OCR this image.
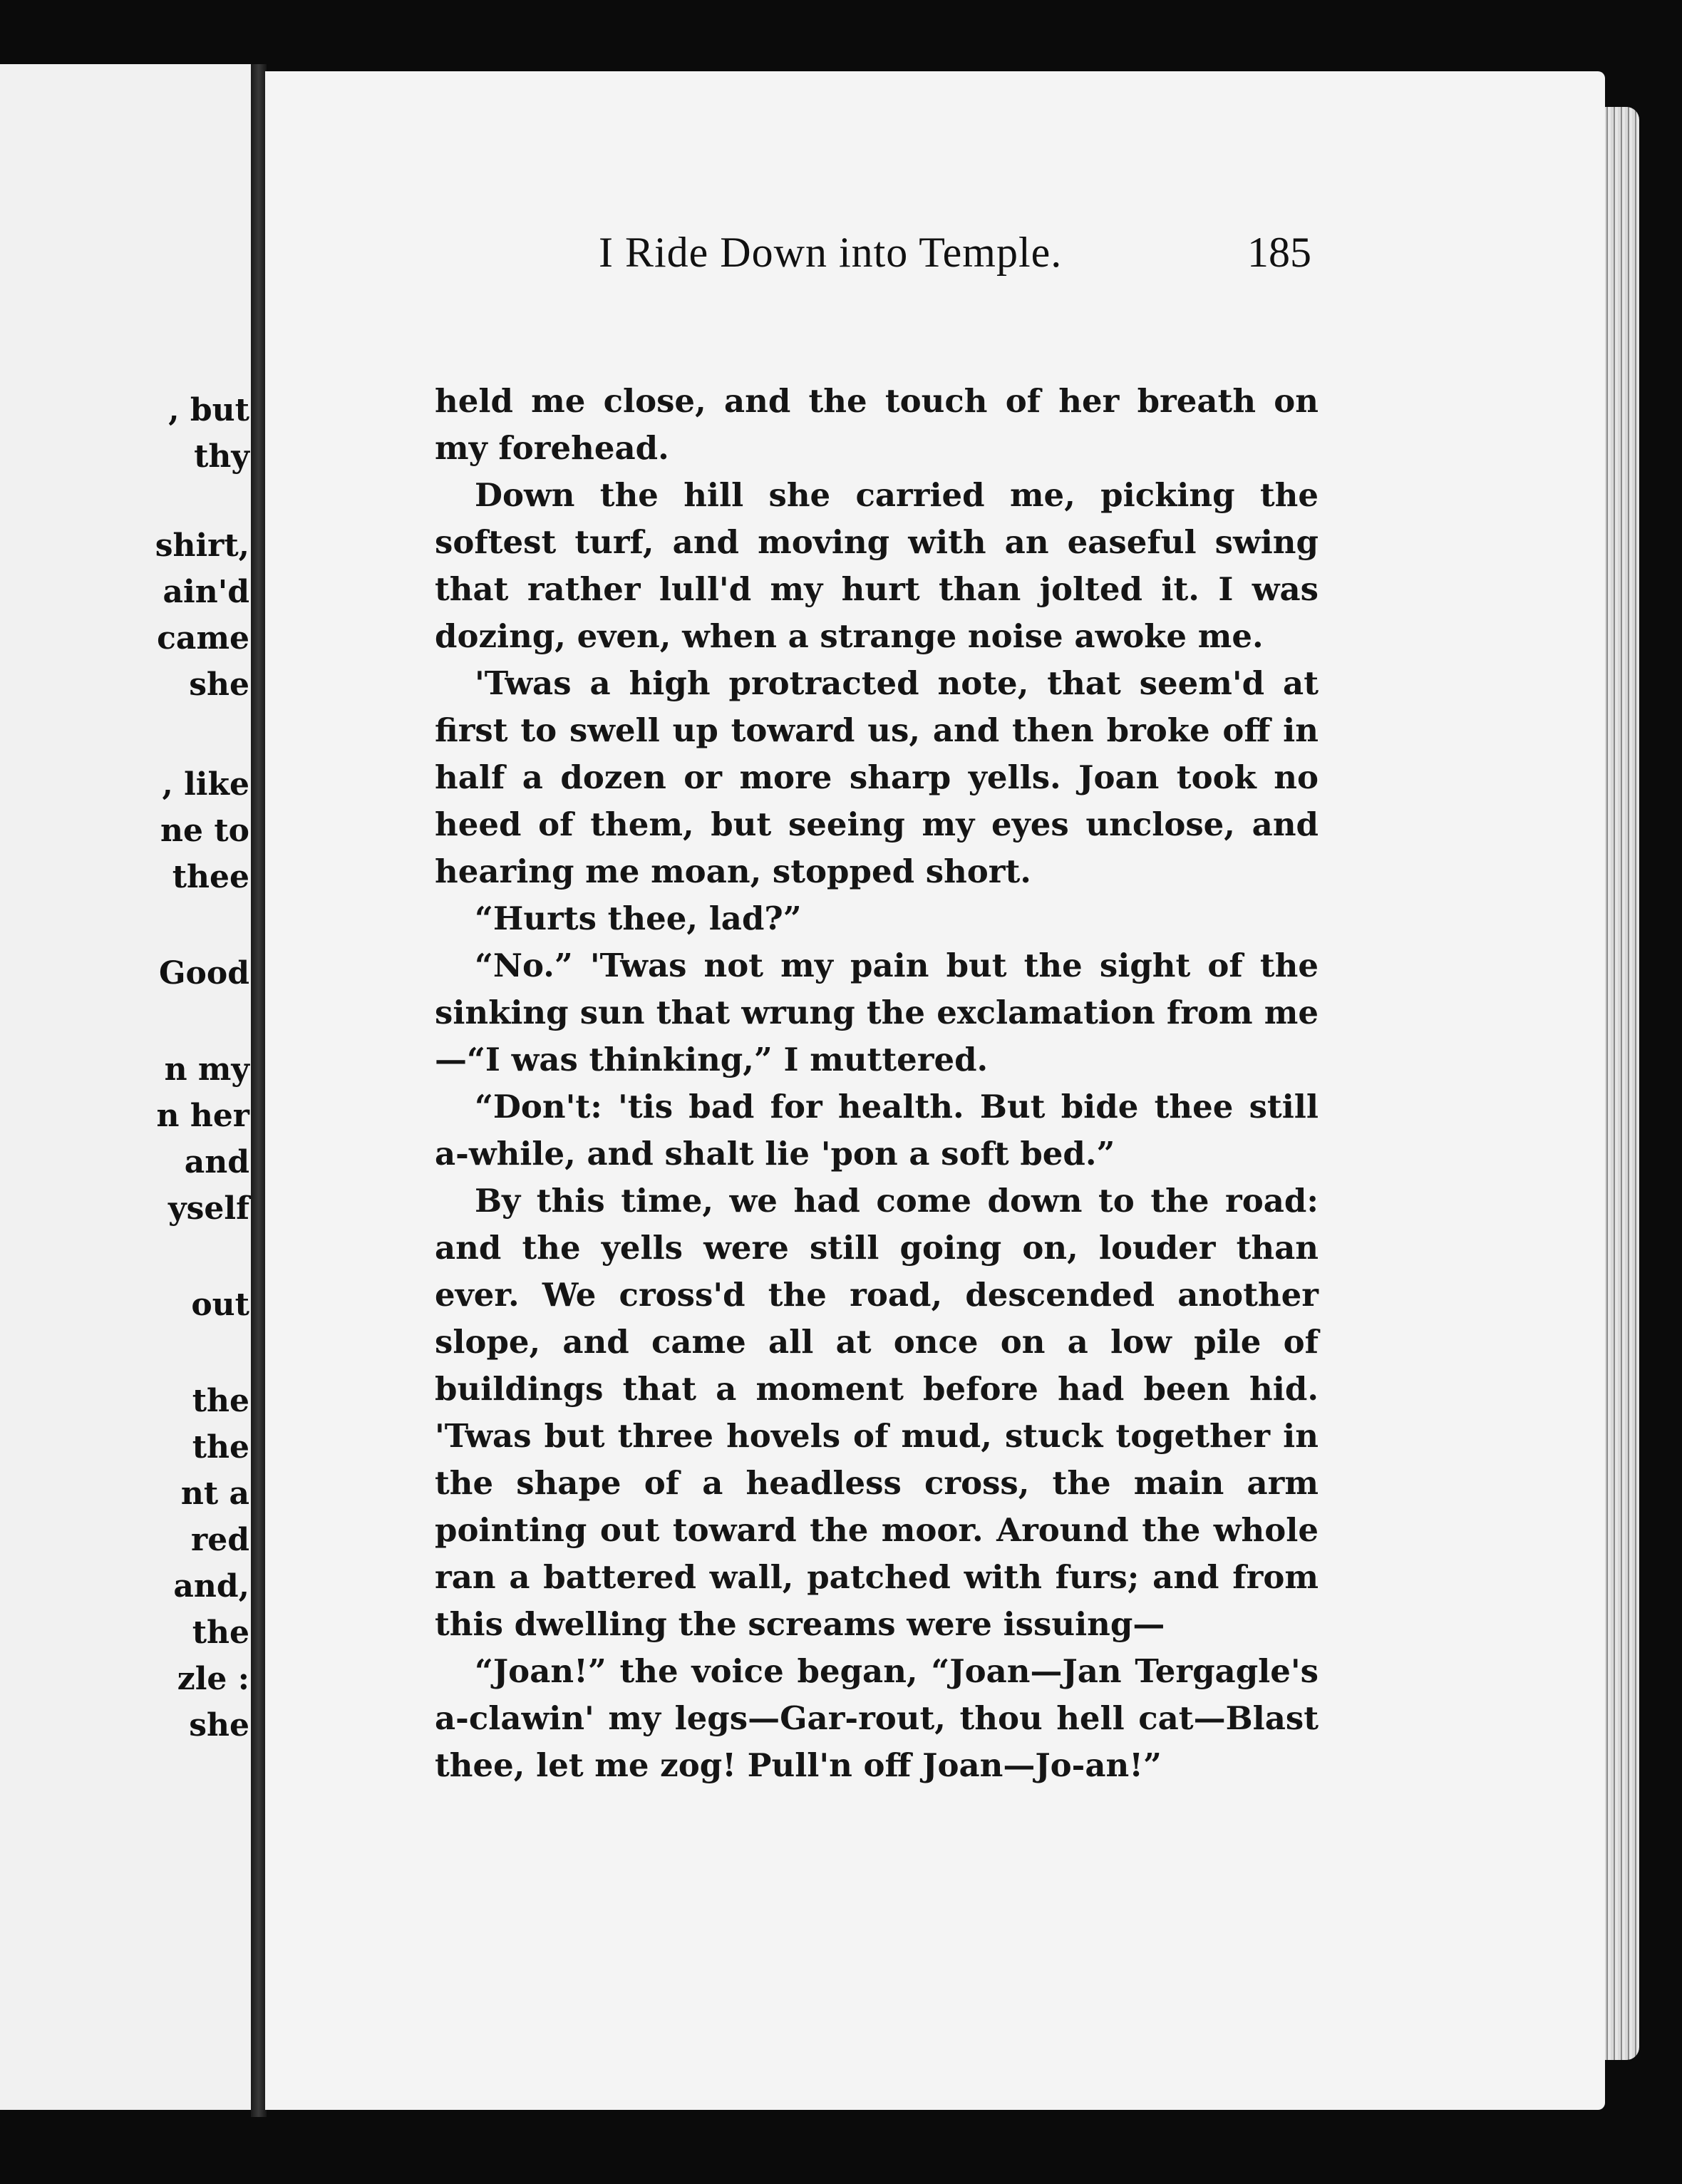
, but
thy
shirt,
ain'd
came
she
, like
ne to
thee
Good
n my
n her
and
yself
out
the
the
nt a
red
and,
the
zle :
she
I Ride Down into Temple.	185

held me close, and the touch of her breath on my forehead.

Down the hill she carried me, picking the softest turf, and moving with an easeful swing that rather lull'd my hurt than jolted it. I was dozing, even, when a strange noise awoke me.

'Twas a high protracted note, that seem'd at first to swell up toward us, and then broke off in half a dozen or more sharp yells. Joan took no heed of them, but seeing my eyes unclose, and hearing me moan, stopped short.

“Hurts thee, lad?”

“No.” 'Twas not my pain but the sight of the sinking sun that wrung the exclamation from me —“I was thinking,” I muttered.

“Don't: 'tis bad for health. But bide thee still a-while, and shalt lie 'pon a soft bed.”

By this time, we had come down to the road: and the yells were still going on, louder than ever. We cross'd the road, descended another slope, and came all at once on a low pile of buildings that a moment before had been hid. 'Twas but three hovels of mud, stuck together in the shape of a headless cross, the main arm pointing out toward the moor. Around the whole ran a battered wall, patched with furs; and from this dwelling the screams were issuing—

“Joan!” the voice began, “Joan—Jan Tergagle's a-clawin' my legs—Gar-rout, thou hell cat—Blast thee, let me zog! Pull'n off Joan—Jo-an!”
